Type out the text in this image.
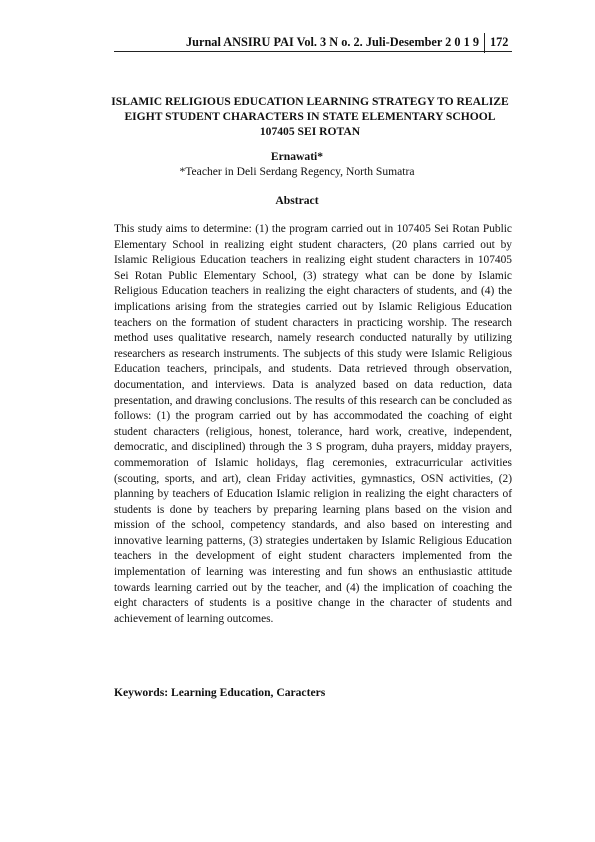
Jurnal ANSIRU PAI Vol. 3 N o. 2. Juli-Desember 2 0 1 9 172
ISLAMIC RELIGIOUS EDUCATION LEARNING STRATEGY TO REALIZE EIGHT STUDENT CHARACTERS IN STATE ELEMENTARY SCHOOL 107405 SEI ROTAN
Ernawati*
*Teacher in Deli Serdang Regency, North Sumatra
Abstract

This study aims to determine: (1) the program carried out in 107405 Sei Rotan Public Elementary School in realizing eight student characters, (20 plans carried out by Islamic Religious Education teachers in realizing eight student characters in 107405 Sei Rotan Public Elementary School, (3) strategy what can be done by Islamic Religious Education teachers in realizing the eight characters of students, and (4) the implications arising from the strategies carried out by Islamic Religious Education teachers on the formation of student characters in practicing worship. The research method uses qualitative research, namely research conducted naturally by utilizing researchers as research instruments. The subjects of this study were Islamic Religious Education teachers, principals, and students. Data retrieved through observation, documentation, and interviews. Data is analyzed based on data reduction, data presentation, and drawing conclusions. The results of this research can be concluded as follows: (1) the program carried out by has accommodated the coaching of eight student characters (religious, honest, tolerance, hard work, creative, independent, democratic, and disciplined) through the 3 S program, duha prayers, midday prayers, commemoration of Islamic holidays, flag ceremonies, extracurricular activities (scouting, sports, and art), clean Friday activities, gymnastics, OSN activities, (2) planning by teachers of Education Islamic religion in realizing the eight characters of students is done by teachers by preparing learning plans based on the vision and mission of the school, competency standards, and also based on interesting and innovative learning patterns, (3) strategies undertaken by Islamic Religious Education teachers in the development of eight student characters implemented from the implementation of learning was interesting and fun shows an enthusiastic attitude towards learning carried out by the teacher, and (4) the implication of coaching the eight characters of students is a positive change in the character of students and achievement of learning outcomes.

Keywords: Learning Education, Caracters
